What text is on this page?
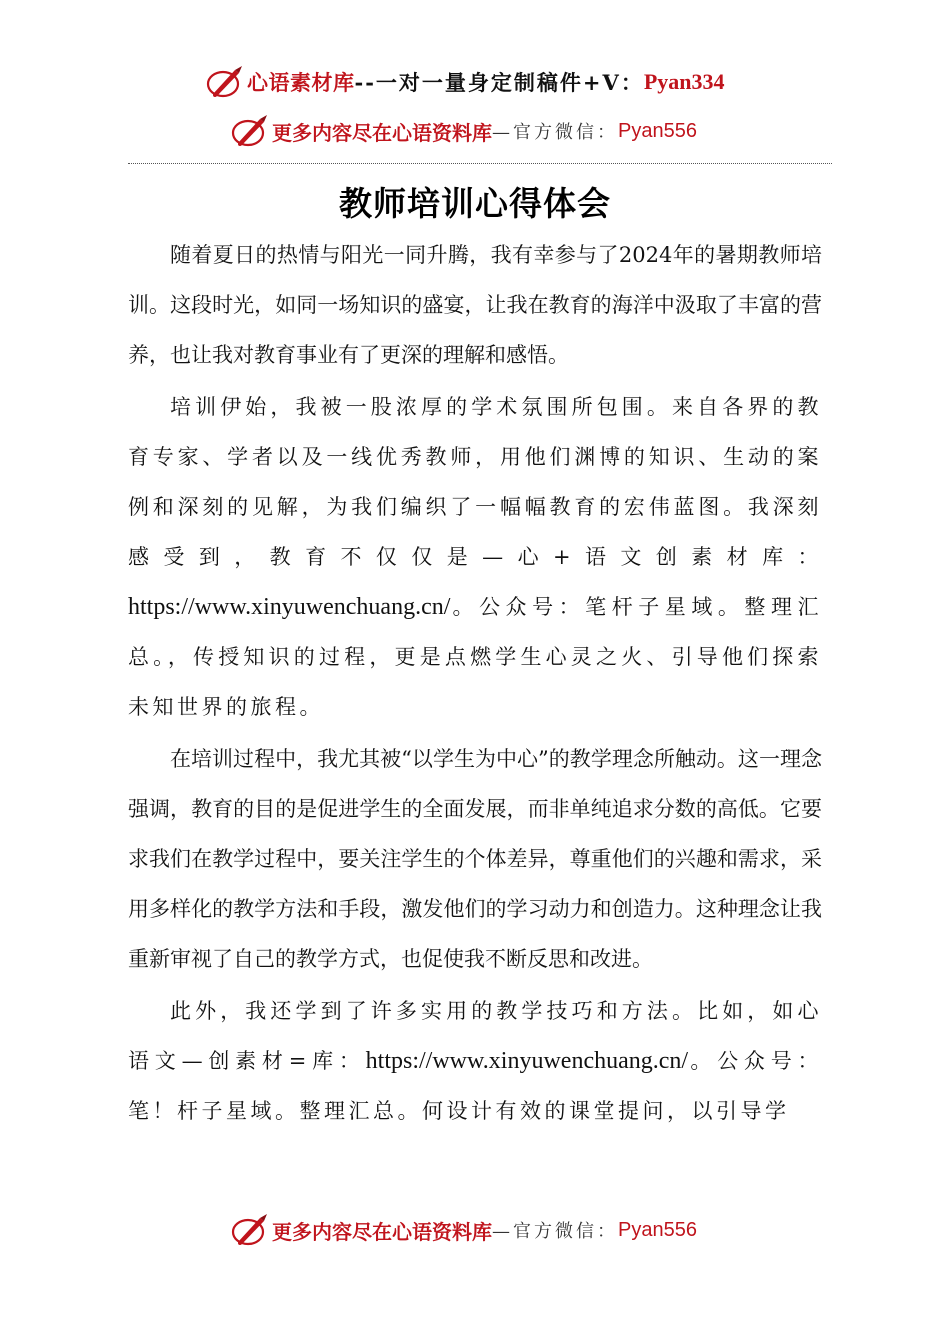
心语素材库 --一对一量身定制稿件+V： Pyan334
更多内容尽在心语资料库 —官方微信： Pyan556
教师培训心得体会

随着夏日的热情与阳光一同升腾，我有幸参与了2024年的暑期教师培训。这段时光，如同一场知识的盛宴，让我在教育的海洋中汲取了丰富的营养，也让我对教育事业有了更深的理解和感悟。

培训伊始，我被一股浓厚的学术氛围所包围。来自各界的教育专家、学者以及一线优秀教师，用他们渊博的知识、生动的案例和深刻的见解，为我们编织了一幅幅教育的宏伟蓝图。我深刻感受到，教育不仅仅是—心+语文创素材库：https://www.xinyuwenchuang.cn/。公众号：笔杆子星域。整理汇总。，传授知识的过程，更是点燃学生心灵之火、引导他们探索未知世界的旅程。

在培训过程中，我尤其被“以学生为中心”的教学理念所触动。这一理念强调，教育的目的是促进学生的全面发展，而非单纯追求分数的高低。它要求我们在教学过程中，要关注学生的个体差异，尊重他们的兴趣和需求，采用多样化的教学方法和手段，激发他们的学习动力和创造力。这种理念让我重新审视了自己的教学方式，也促使我不断反思和改进。

此外，我还学到了许多实用的教学技巧和方法。比如，如心语文—创素材=库：https://www.xinyuwenchuang.cn/。公众号：笔！杆子星域。整理汇总。何设计有效的课堂提问，以引导学

更多内容尽在心语资料库 —官方微信： Pyan556
